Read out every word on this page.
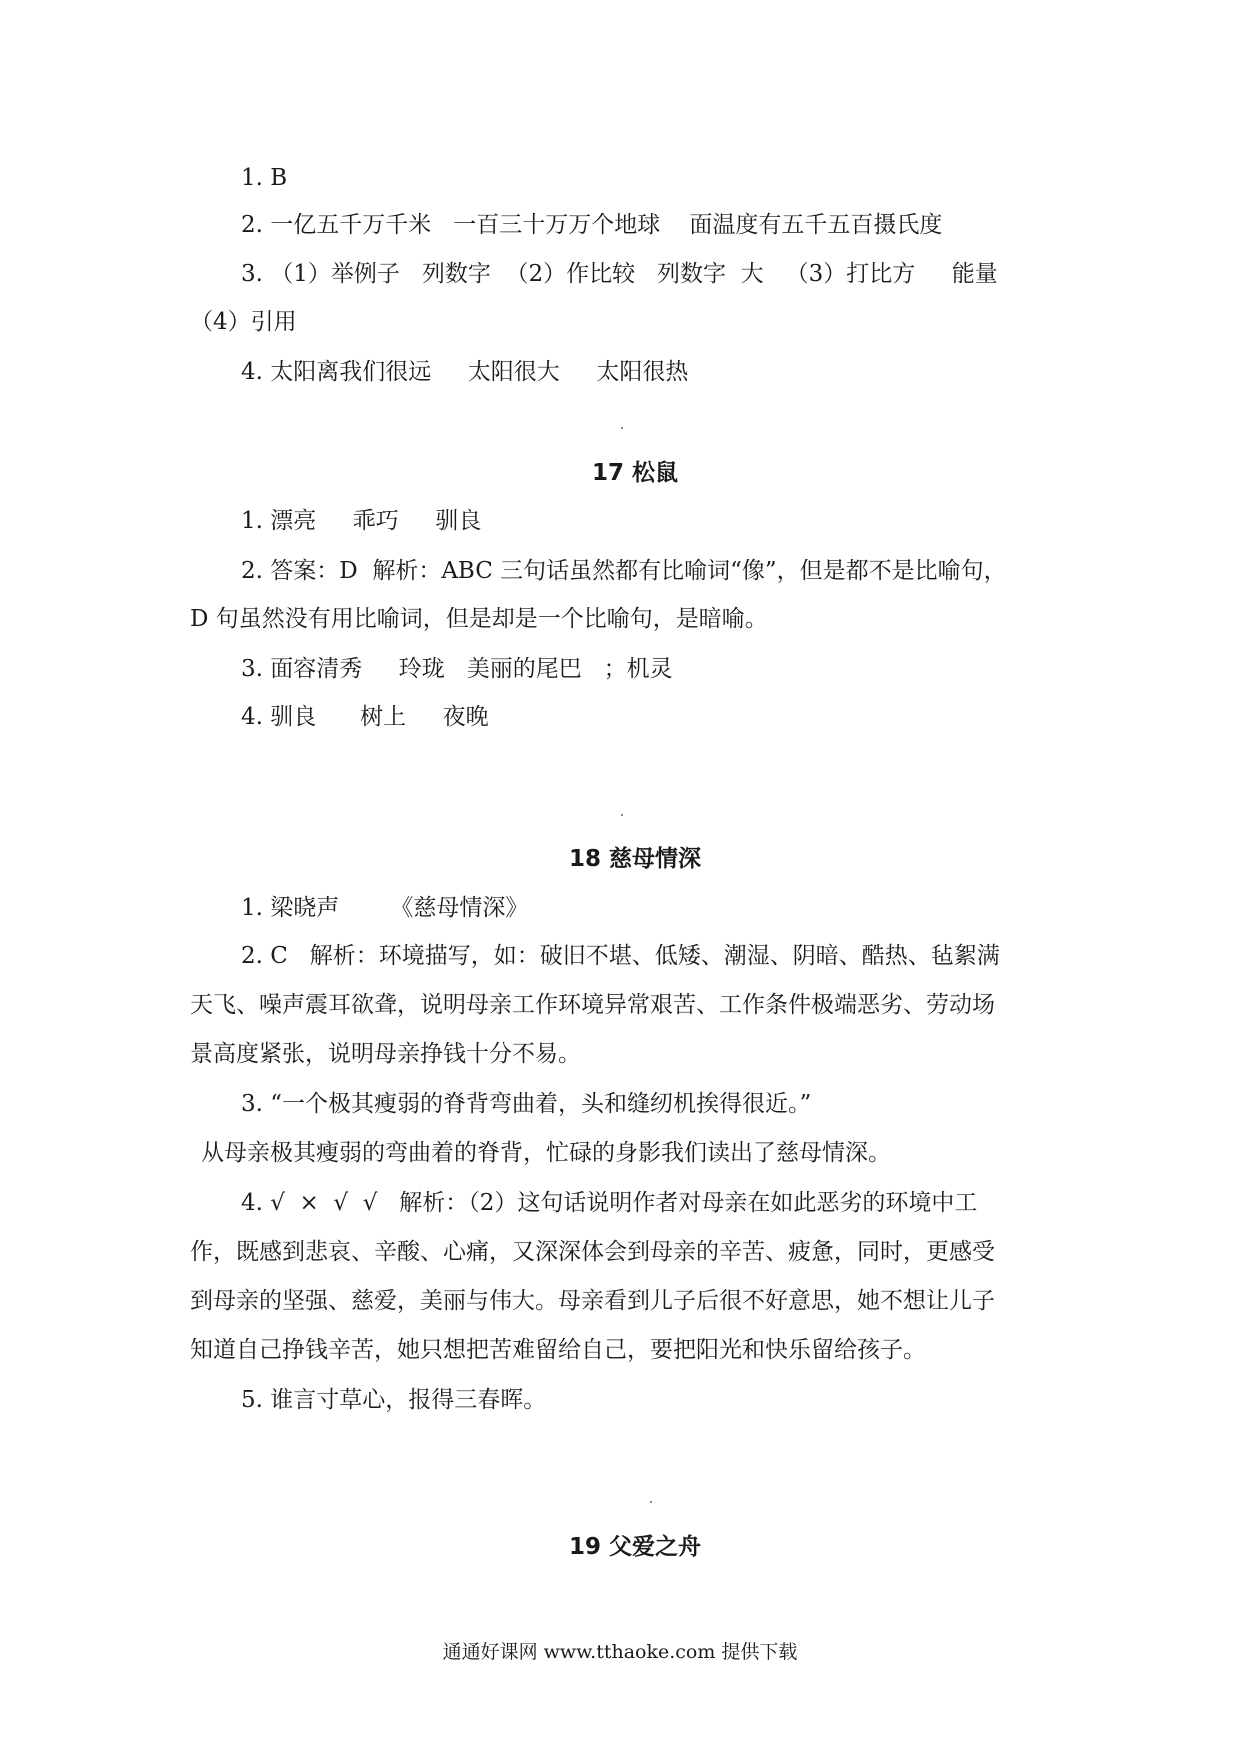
1. B
2. 一亿五千万千米   一百三十万万个地球    面温度有五千五百摄氏度
3. （1）举例子   列数字  （2）作比较   列数字  大   （3）打比方     能量
（4）引用
4. 太阳离我们很远     太阳很大     太阳很热
17 松鼠
1. 漂亮     乖巧     驯良
2. 答案：D  解析：ABC 三句话虽然都有比喻词“像”，但是都不是比喻句，
D 句虽然没有用比喻词，但是却是一个比喻句，是暗喻。
3. 面容清秀     玲珑   美丽的尾巴   ；机灵
4. 驯良      树上     夜晚
18 慈母情深
1. 梁晓声       《慈母情深》
2. C   解析：环境描写，如：破旧不堪、低矮、潮湿、阴暗、酷热、毡絮满
天飞、噪声震耳欲聋，说明母亲工作环境异常艰苦、工作条件极端恶劣、劳动场
景高度紧张，说明母亲挣钱十分不易。
3. “一个极其瘦弱的脊背弯曲着，头和缝纫机挨得很近。”
从母亲极其瘦弱的弯曲着的脊背，忙碌的身影我们读出了慈母情深。
4. √  ×  √  √   解析：（2）这句话说明作者对母亲在如此恶劣的环境中工
作，既感到悲哀、辛酸、心痛，又深深体会到母亲的辛苦、疲惫，同时，更感受
到母亲的坚强、慈爱，美丽与伟大。母亲看到儿子后很不好意思，她不想让儿子
知道自己挣钱辛苦，她只想把苦难留给自己，要把阳光和快乐留给孩子。
5. 谁言寸草心，报得三春晖。
19 父爱之舟
通通好课网 www.tthaoke.com 提供下载
